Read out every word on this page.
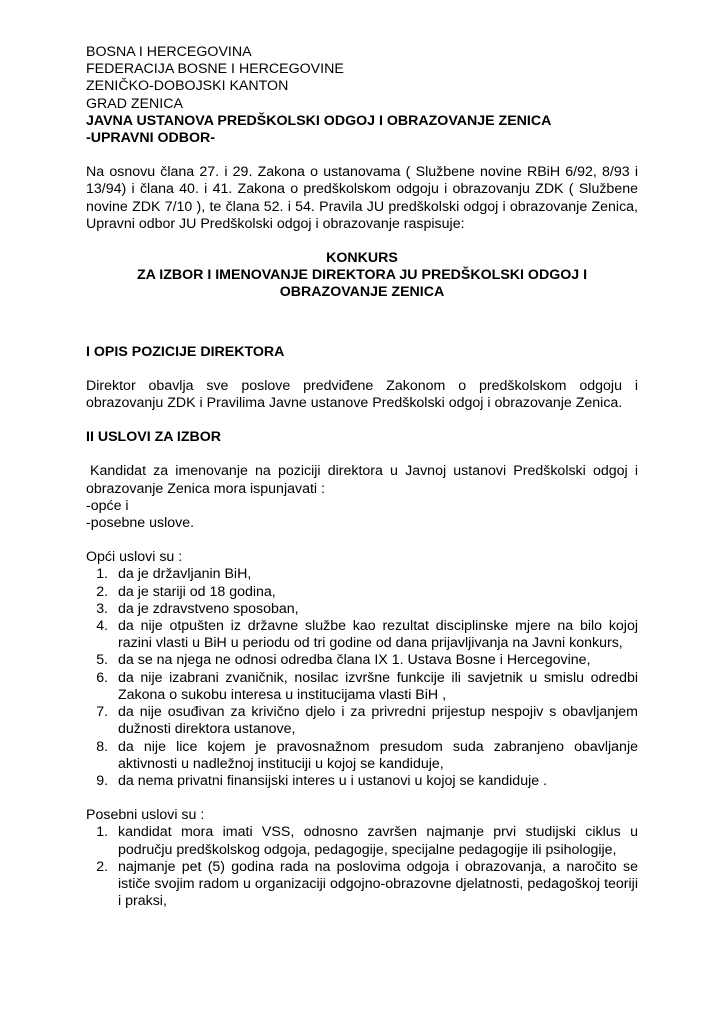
BOSNA I HERCEGOVINA
FEDERACIJA BOSNE I HERCEGOVINE
ZENIČKO-DOBOJSKI KANTON
GRAD ZENICA
JAVNA USTANOVA PREDŠKOLSKI ODGOJ I OBRAZOVANJE ZENICA
-UPRAVNI ODBOR-

Na osnovu člana 27. i 29. Zakona o ustanovama ( Službene novine RBiH 6/92, 8/93 i 13/94) i člana 40. i 41. Zakona o predškolskom odgoju i obrazovanju ZDK ( Službene novine ZDK 7/10 ), te člana 52. i 54. Pravila JU predškolski odgoj i obrazovanje Zenica, Upravni odbor JU Predškolski odgoj i obrazovanje raspisuje:

KONKURS
ZA IZBOR I IMENOVANJE DIREKTORA JU PREDŠKOLSKI ODGOJ I
OBRAZOVANJE ZENICA

I OPIS POZICIJE DIREKTORA

Direktor obavlja sve poslove predviđene Zakonom o predškolskom odgoju i obrazovanju ZDK i Pravilima Javne ustanove Predškolski odgoj i obrazovanje Zenica.

II USLOVI ZA IZBOR

Kandidat za imenovanje na poziciji direktora u Javnoj ustanovi Predškolski odgoj i obrazovanje Zenica mora ispunjavati :

-opće i
-posebne uslove.

Opći uslovi su :

1. da je državljanin BiH,
2. da je stariji od 18 godina,
3. da je zdravstveno sposoban,
4. da nije otpušten iz državne službe kao rezultat disciplinske mjere na bilo kojoj razini vlasti u BiH u periodu od tri godine od dana prijavljivanja na Javni konkurs,
5. da se na njega ne odnosi odredba člana IX 1. Ustava Bosne i Hercegovine,
6. da nije izabrani zvaničnik, nosilac izvršne funkcije ili savjetnik u smislu odredbi Zakona o sukobu interesa u institucijama vlasti BiH ,
7. da nije osuđivan za krivično djelo i za privredni prijestup nespojiv s obavljanjem dužnosti direktora ustanove,
8. da nije lice kojem je pravosnažnom presudom suda zabranjeno obavljanje aktivnosti u nadležnoj instituciji u kojoj se kandiduje,
9. da nema privatni finansijski interes u i ustanovi u kojoj se kandiduje .

Posebni uslovi su :

1. kandidat mora imati VSS, odnosno završen najmanje prvi studijski ciklus u području predškolskog odgoja, pedagogije, specijalne pedagogije ili psihologije,
2. najmanje pet (5) godina rada na poslovima odgoja i obrazovanja, a naročito se ističe svojim radom u organizaciji odgojno-obrazovne djelatnosti, pedagoškoj teoriji i praksi,
